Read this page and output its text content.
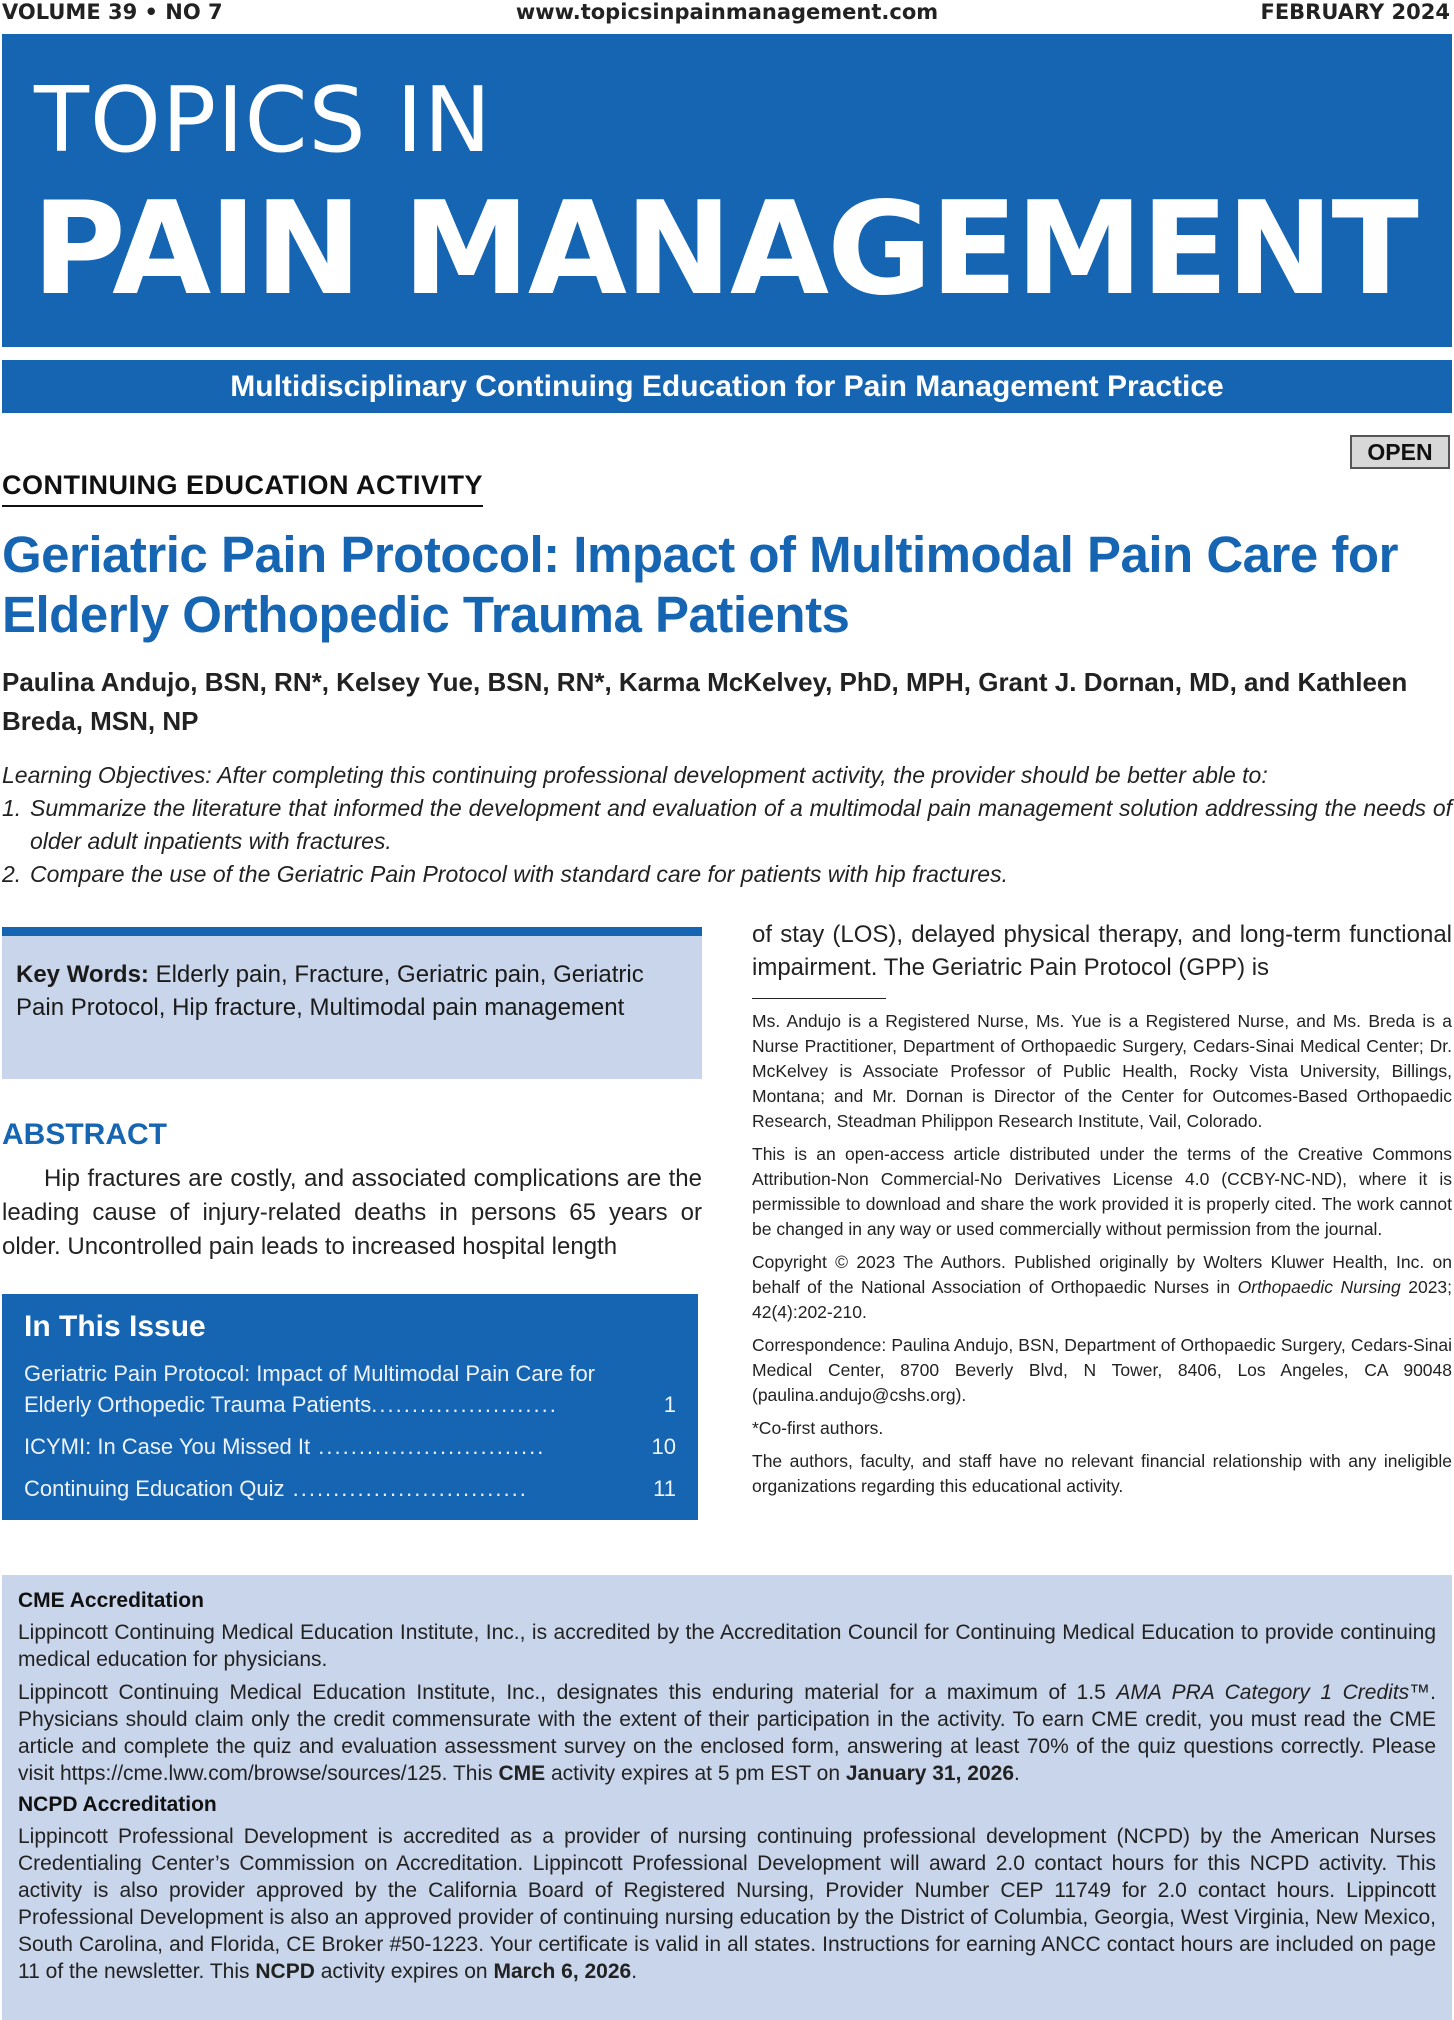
VOLUME 39 • NO 7	www.topicsinpainmanagement.com	FEBRUARY 2024
TOPICS IN
PAIN MANAGEMENT
Multidisciplinary Continuing Education for Pain Management Practice
OPEN
CONTINUING EDUCATION ACTIVITY
Geriatric Pain Protocol: Impact of Multimodal Pain Care for Elderly Orthopedic Trauma Patients
Paulina Andujo, BSN, RN*, Kelsey Yue, BSN, RN*, Karma McKelvey, PhD, MPH, Grant J. Dornan, MD, and Kathleen Breda, MSN, NP
Learning Objectives: After completing this continuing professional development activity, the provider should be better able to:
1. Summarize the literature that informed the development and evaluation of a multimodal pain management solution addressing the needs of older adult inpatients with fractures.
2. Compare the use of the Geriatric Pain Protocol with standard care for patients with hip fractures.
Key Words: Elderly pain, Fracture, Geriatric pain, Geriatric Pain Protocol, Hip fracture, Multimodal pain management
ABSTRACT

Hip fractures are costly, and associated complications are the leading cause of injury-related deaths in persons 65 years or older. Uncontrolled pain leads to increased hospital length

In This Issue
Geriatric Pain Protocol: Impact of Multimodal Pain Care for Elderly Orthopedic Trauma Patients.......................	1
ICYMI: In Case You Missed It ............................	10
Continuing Education Quiz .............................	11

of stay (LOS), delayed physical therapy, and long-term functional impairment. The Geriatric Pain Protocol (GPP) is

Ms. Andujo is a Registered Nurse, Ms. Yue is a Registered Nurse, and Ms. Breda is a Nurse Practitioner, Department of Orthopaedic Surgery, Cedars-Sinai Medical Center; Dr. McKelvey is Associate Professor of Public Health, Rocky Vista University, Billings, Montana; and Mr. Dornan is Director of the Center for Outcomes-Based Orthopaedic Research, Steadman Philippon Research Institute, Vail, Colorado.

This is an open-access article distributed under the terms of the Creative Commons Attribution-Non Commercial-No Derivatives License 4.0 (CCBY-NC-ND), where it is permissible to download and share the work provided it is properly cited. The work cannot be changed in any way or used commercially without permission from the journal.

Copyright © 2023 The Authors. Published originally by Wolters Kluwer Health, Inc. on behalf of the National Association of Orthopaedic Nurses in Orthopaedic Nursing 2023; 42(4):202-210.

Correspondence: Paulina Andujo, BSN, Department of Orthopaedic Surgery, Cedars-Sinai Medical Center, 8700 Beverly Blvd, N Tower, 8406, Los Angeles, CA 90048 (paulina.andujo@cshs.org).

*Co-first authors.

The authors, faculty, and staff have no relevant financial relationship with any ineligible organizations regarding this educational activity.

CME Accreditation

Lippincott Continuing Medical Education Institute, Inc., is accredited by the Accreditation Council for Continuing Medical Education to provide continuing medical education for physicians.

Lippincott Continuing Medical Education Institute, Inc., designates this enduring material for a maximum of 1.5 AMA PRA Category 1 Credits™. Physicians should claim only the credit commensurate with the extent of their participation in the activity. To earn CME credit, you must read the CME article and complete the quiz and evaluation assessment survey on the enclosed form, answering at least 70% of the quiz questions correctly. Please visit https://cme.lww.com/browse/sources/125. This CME activity expires at 5 pm EST on January 31, 2026.

NCPD Accreditation

Lippincott Professional Development is accredited as a provider of nursing continuing professional development (NCPD) by the American Nurses Credentialing Center’s Commission on Accreditation. Lippincott Professional Development will award 2.0 contact hours for this NCPD activity. This activity is also provider approved by the California Board of Registered Nursing, Provider Number CEP 11749 for 2.0 contact hours. Lippincott Professional Development is also an approved provider of continuing nursing education by the District of Columbia, Georgia, West Virginia, New Mexico, South Carolina, and Florida, CE Broker #50-1223. Your certificate is valid in all states. Instructions for earning ANCC contact hours are included on page 11 of the newsletter. This NCPD activity expires on March 6, 2026.
